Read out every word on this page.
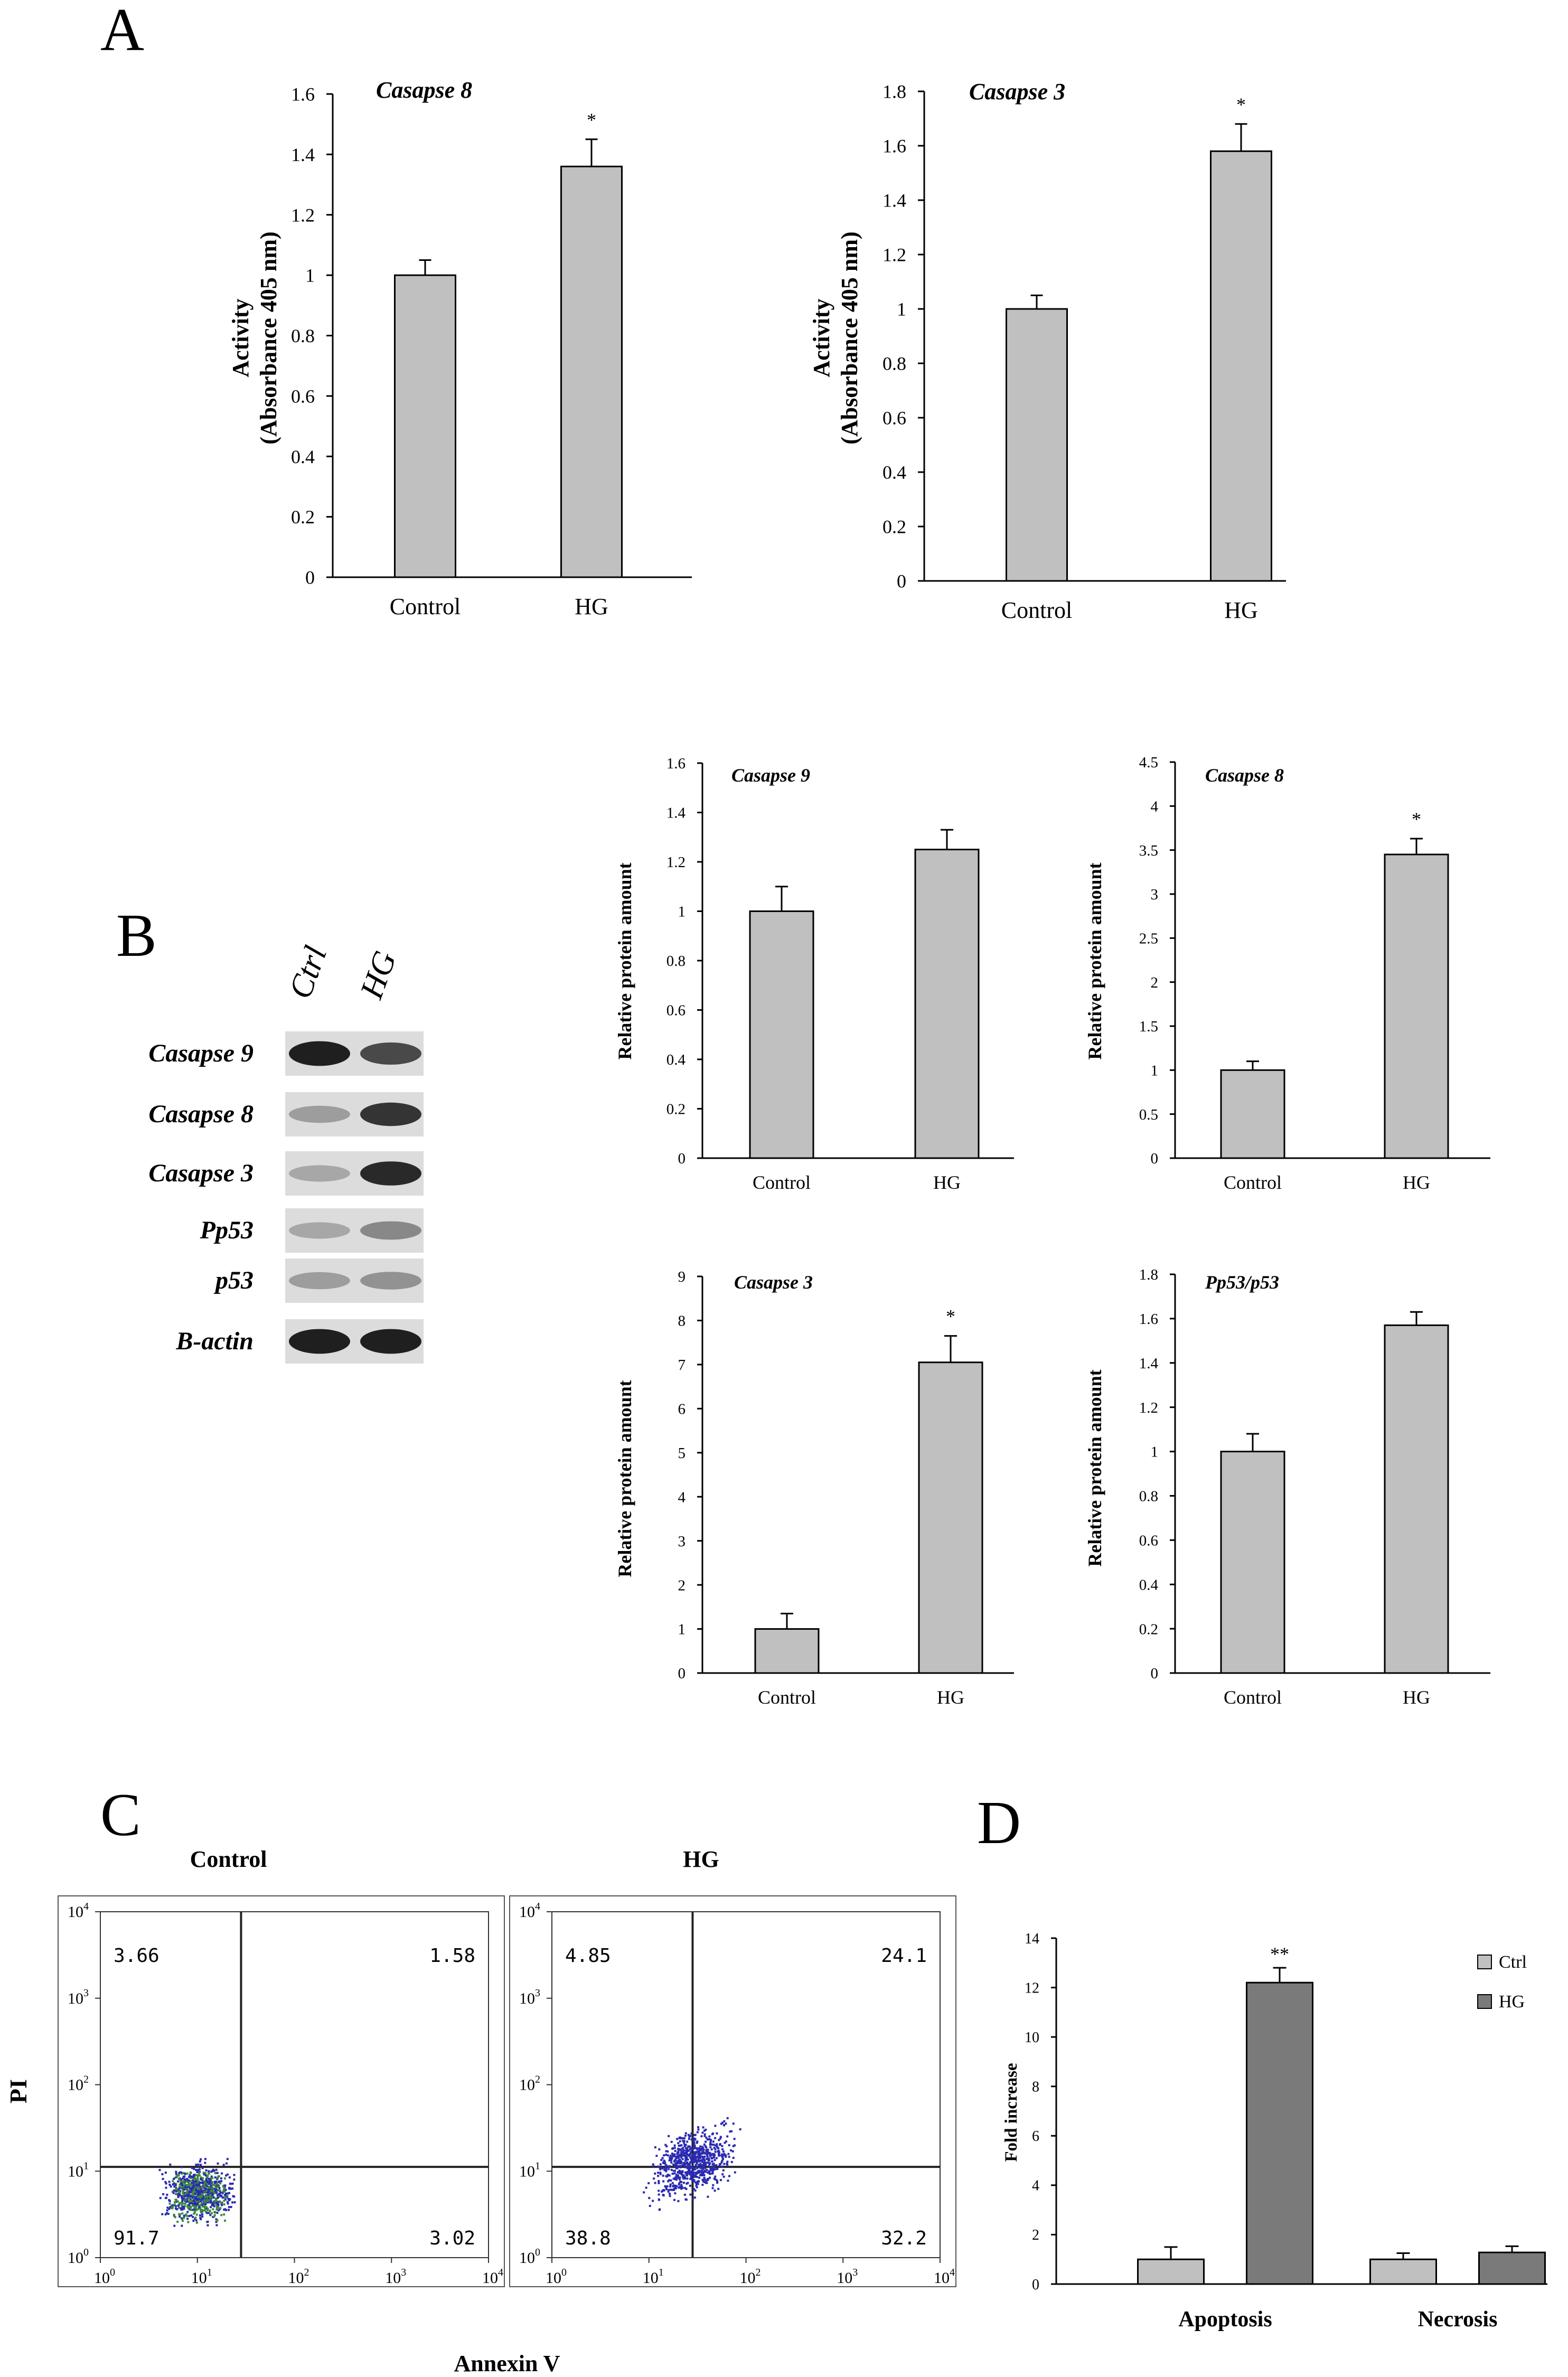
A
B
C	D
0
0.2
0.4
0.6
0.8
1
1.2
1.4
1.6	Casapse 8
Activity(Absorbance 405 nm)
Control	HG
*
0
0.2
0.4
0.6
0.8
1
1.2
1.4
1.6
1.8	Casapse 3
Activity(Absorbance 405 nm)
Control	HG
*
0
0.2
0.4
0.6
0.8
1
1.2
1.4
1.6
Casapse 9
Relative protein amount
Control	HG
0
0.5
1
1.5
2
2.5
3
3.5
4
4.5
Casapse 8
Relative protein amount
Control	HG
*
0
1
2
3
4
5
6
7
8
9	Casapse 3
Relative protein amount
Control	HG
*
0
0.2
0.4
0.6
0.8
1
1.2
1.4
1.6
1.8 Pp53/p53
Relative protein amount
Control	HG
0
2
4
6
8
10
12
14
Fold increase
Apoptosis
**
Necrosis
Ctrl
HG
Ctrl HG
Casapse 9
Casapse 8
Casapse 3
Pp53
p53
B-actin
$10^0$
$10^0$
$10^1$
$10^1$
$10^2$
$10^2$
$10^3$
$10^3$
$10^4$
$10^4$
3.66	1.58
91.7	3.02
Control
$10^0$
$10^0$
$10^1$
$10^1$
$10^2$
$10^2$
$10^3$
$10^3$
$10^4$
$10^4$
4.85	24.1
38.8	32.2
HG
Annexin V
PI
